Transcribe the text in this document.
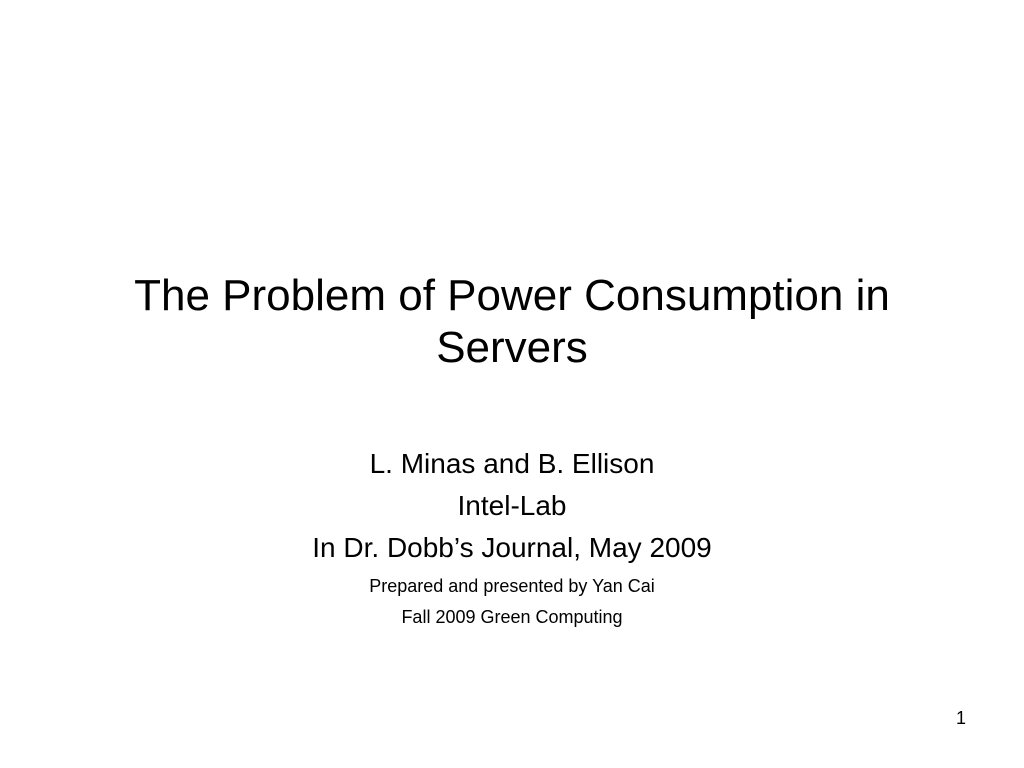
The Problem of Power Consumption in
Servers
L. Minas and B. Ellison
Intel-Lab
In Dr. Dobb’s Journal, May 2009
Prepared and presented by Yan Cai
Fall 2009 Green Computing
1
